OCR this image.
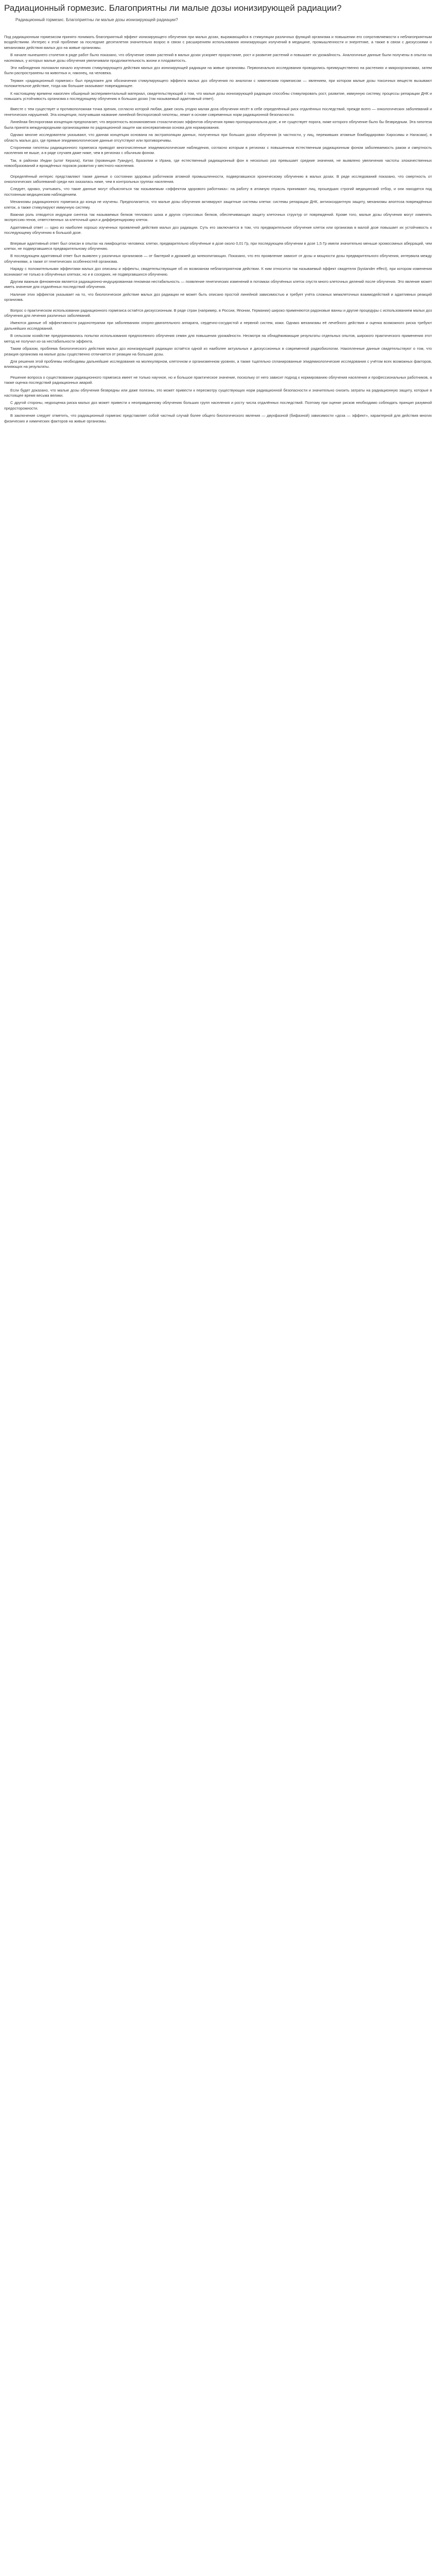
Радиационный гормезис. Благоприятны ли малые дозы ионизирующей радиации?
Радиационный гормезис. Благоприятны ли малые дозы ионизирующей радиации?

Под радиационным гормезисом принято понимать благоприятный эффект ионизирующего облучения при малых дозах, выражающийся в стимуляции различных функций организма и повышении его сопротивляемости к неблагоприятным воздействиям. Интерес к этой проблеме за последние десятилетия значительно возрос в связи с расширением использования ионизирующих излучений в медицине, промышленности и энергетике, а также в связи с дискуссиями о механизмах действия малых доз на живые организмы.

В начале нынешнего столетия в ряде работ было показано, что облучение семян растений в малых дозах ускоряет прорастание, рост и развитие растений и повышает их урожайность. Аналогичные данные были получены в опытах на насекомых, у которых малые дозы облучения увеличивали продолжительность жизни и плодовитость.

Эти наблюдения положили начало изучению стимулирующего действия малых доз ионизирующей радиации на живые организмы. Первоначально исследования проводились преимущественно на растениях и микроорганизмах, затем были распространены на животных и, наконец, на человека.

Термин «радиационный гормезис» был предложен для обозначения стимулирующего эффекта малых доз облучения по аналогии с химическим гормезисом — явлением, при котором малые дозы токсичных веществ вызывают положительное действие, тогда как большие оказывают повреждающее.

К настоящему времени накоплен обширный экспериментальный материал, свидетельствующий о том, что малые дозы ионизирующей радиации способны стимулировать рост, развитие, иммунную систему, процессы репарации ДНК и повышать устойчивость организма к последующему облучению в больших дозах (так называемый адаптивный ответ).

Вместе с тем существует и противоположная точка зрения, согласно которой любая, даже сколь угодно малая доза облучения несёт в себе определённый риск отдалённых последствий, прежде всего — онкологических заболеваний и генетических нарушений. Эта концепция, получившая название линейной беспороговой гипотезы, лежит в основе современных норм радиационной безопасности.

Линейная беспороговая концепция предполагает, что вероятность возникновения стохастических эффектов облучения прямо пропорциональна дозе, и не существует порога, ниже которого облучение было бы безвредным. Эта гипотеза была принята международными организациями по радиационной защите как консервативная основа для нормирования.

Однако многие исследователи указывают, что данная концепция основана на экстраполяции данных, полученных при больших дозах облучения (в частности, у лиц, переживших атомные бомбардировки Хиросимы и Нагасаки), в область малых доз, где прямые эпидемиологические данные отсутствуют или противоречивы.

Сторонники гипотезы радиационного гормезиса приводят многочисленные эпидемиологические наблюдения, согласно которым в регионах с повышенным естественным радиационным фоном заболеваемость раком и смертность населения не выше, а в ряде случаев даже ниже, чем в регионах с обычным фоном.

Так, в районах Индии (штат Керала), Китая (провинция Гуандун), Бразилии и Ирана, где естественный радиационный фон в несколько раз превышает средние значения, не выявлено увеличения частоты злокачественных новообразований и врождённых пороков развития у местного населения.

Определённый интерес представляют также данные о состоянии здоровья работников атомной промышленности, подвергавшихся хроническому облучению в малых дозах. В ряде исследований показано, что смертность от онкологических заболеваний среди них оказалась ниже, чем в контрольных группах населения.

Следует, однако, учитывать, что такие данные могут объясняться так называемым «эффектом здорового работника»: на работу в атомную отрасль принимают лиц, прошедших строгий медицинский отбор, и они находятся под постоянным медицинским наблюдением.

Механизмы радиационного гормезиса до конца не изучены. Предполагается, что малые дозы облучения активируют защитные системы клетки: системы репарации ДНК, антиоксидантную защиту, механизмы апоптоза повреждённых клеток, а также стимулируют иммунную систему.

Важная роль отводится индукции синтеза так называемых белков теплового шока и других стрессовых белков, обеспечивающих защиту клеточных структур от повреждений. Кроме того, малые дозы облучения могут изменять экспрессию генов, ответственных за клеточный цикл и дифференцировку клеток.

Адаптивный ответ — одно из наиболее хорошо изученных проявлений действия малых доз радиации. Суть его заключается в том, что предварительное облучение клеток или организма в малой дозе повышает их устойчивость к последующему облучению в большой дозе.

Впервые адаптивный ответ был описан в опытах на лимфоцитах человека: клетки, предварительно облучённые в дозе около 0,01 Гр, при последующем облучении в дозе 1,5 Гр имели значительно меньше хромосомных аберраций, чем клетки, не подвергавшиеся предварительному облучению.

В последующем адаптивный ответ был выявлен у различных организмов — от бактерий и дрожжей до млекопитающих. Показано, что его проявление зависит от дозы и мощности дозы предварительного облучения, интервала между облучениями, а также от генетических особенностей организма.

Наряду с положительными эффектами малых доз описаны и эффекты, свидетельствующие об их возможном неблагоприятном действии. К ним относится так называемый эффект свидетеля (bystander effect), при котором изменения возникают не только в облучённых клетках, но и в соседних, не подвергавшихся облучению.

Другим важным феноменом является радиационно-индуцированная геномная нестабильность — появление генетических изменений в потомках облучённых клеток спустя много клеточных делений после облучения. Это явление может иметь значение для отдалённых последствий облучения.

Наличие этих эффектов указывает на то, что биологическое действие малых доз радиации не может быть описано простой линейной зависимостью и требует учёта сложных межклеточных взаимодействий и адаптивных реакций организма.

Вопрос о практическом использовании радиационного гормезиса остаётся дискуссионным. В ряде стран (например, в России, Японии, Германии) широко применяются радоновые ванны и другие процедуры с использованием малых доз облучения для лечения различных заболеваний.

Имеются данные об эффективности радонотерапии при заболеваниях опорно-двигательного аппарата, сердечно-сосудистой и нервной систем, кожи. Однако механизмы её лечебного действия и оценка возможного риска требуют дальнейших исследований.

В сельском хозяйстве предпринимались попытки использования предпосевного облучения семян для повышения урожайности. Несмотря на обнадёживающие результаты отдельных опытов, широкого практического применения этот метод не получил из-за нестабильности эффекта.

Таким образом, проблема биологического действия малых доз ионизирующей радиации остаётся одной из наиболее актуальных и дискуссионных в современной радиобиологии. Накопленные данные свидетельствуют о том, что реакция организма на малые дозы существенно отличается от реакции на большие дозы.

Для решения этой проблемы необходимы дальнейшие исследования на молекулярном, клеточном и организменном уровнях, а также тщательно спланированные эпидемиологические исследования с учётом всех возможных факторов, влияющих на результаты.

Решение вопроса о существовании радиационного гормезиса имеет не только научное, но и большое практическое значение, поскольку от него зависит подход к нормированию облучения населения и профессиональных работников, а также оценка последствий радиационных аварий.

Если будет доказано, что малые дозы облучения безвредны или даже полезны, это может привести к пересмотру существующих норм радиационной безопасности и значительно снизить затраты на радиационную защиту, которые в настоящее время весьма велики.

С другой стороны, недооценка риска малых доз может привести к неоправданному облучению больших групп населения и росту числа отдалённых последствий. Поэтому при оценке рисков необходимо соблюдать принцип разумной предосторожности.

В заключение следует отметить, что радиационный гормезис представляет собой частный случай более общего биологического явления — двухфазной (бифазной) зависимости «доза — эффект», характерной для действия многих физических и химических факторов на живые организмы.
